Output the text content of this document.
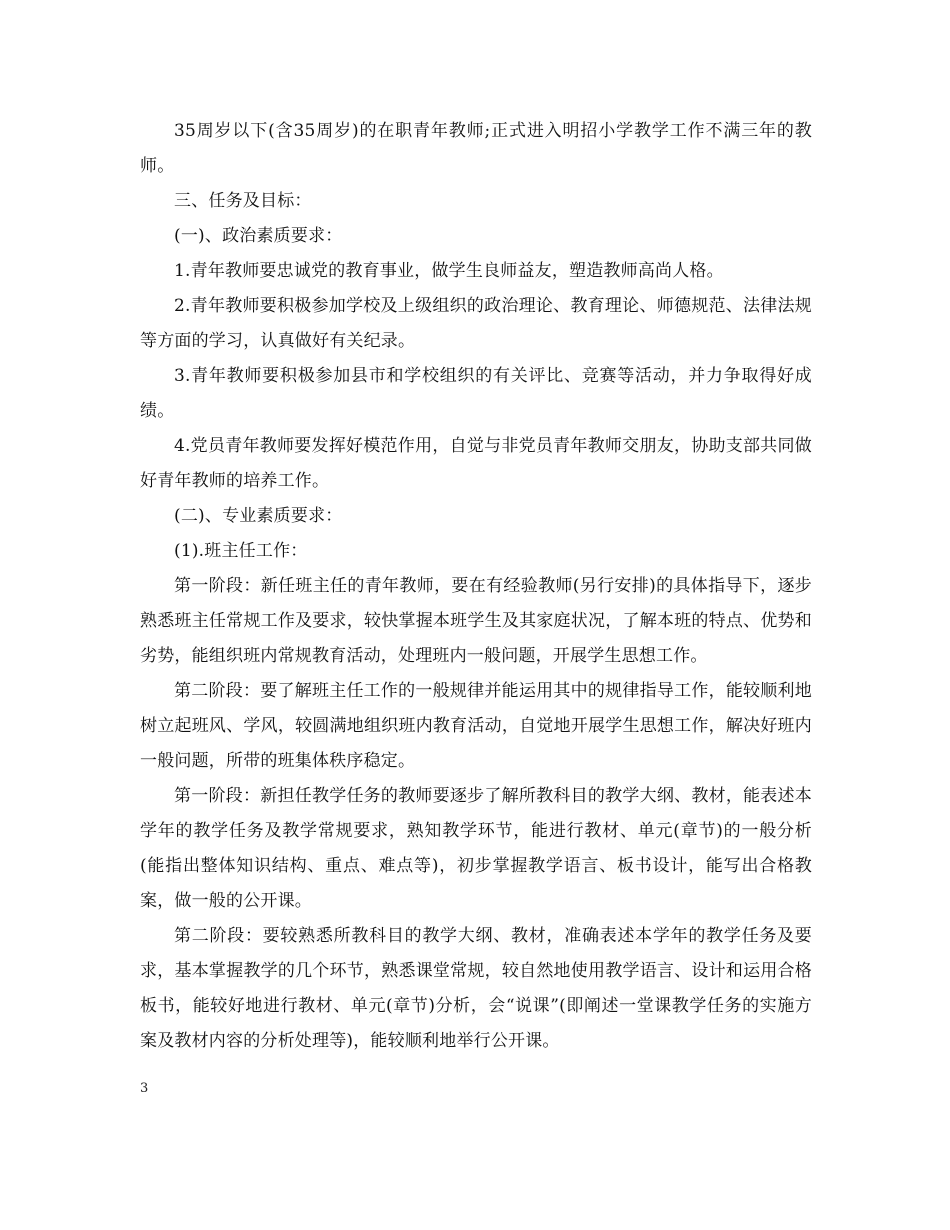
35周岁以下(含35周岁)的在职青年教师;正式进入明招小学教学工作不满三年的教师。

三、任务及目标：

(一)、政治素质要求：

1.青年教师要忠诚党的教育事业，做学生良师益友，塑造教师高尚人格。

2.青年教师要积极参加学校及上级组织的政治理论、教育理论、师德规范、法律法规等方面的学习，认真做好有关纪录。

3.青年教师要积极参加县市和学校组织的有关评比、竞赛等活动，并力争取得好成绩。

4.党员青年教师要发挥好模范作用，自觉与非党员青年教师交朋友，协助支部共同做好青年教师的培养工作。

(二)、专业素质要求：

(1).班主任工作：

第一阶段：新任班主任的青年教师，要在有经验教师(另行安排)的具体指导下，逐步熟悉班主任常规工作及要求，较快掌握本班学生及其家庭状况，了解本班的特点、优势和劣势，能组织班内常规教育活动，处理班内一般问题，开展学生思想工作。

第二阶段：要了解班主任工作的一般规律并能运用其中的规律指导工作，能较顺利地树立起班风、学风，较圆满地组织班内教育活动，自觉地开展学生思想工作，解决好班内一般问题，所带的班集体秩序稳定。

第一阶段：新担任教学任务的教师要逐步了解所教科目的教学大纲、教材，能表述本学年的教学任务及教学常规要求，熟知教学环节，能进行教材、单元(章节)的一般分析(能指出整体知识结构、重点、难点等)，初步掌握教学语言、板书设计，能写出合格教案，做一般的公开课。

第二阶段：要较熟悉所教科目的教学大纲、教材，准确表述本学年的教学任务及要求，基本掌握教学的几个环节，熟悉课堂常规，较自然地使用教学语言、设计和运用合格板书，能较好地进行教材、单元(章节)分析，会“说课”(即阐述一堂课教学任务的实施方案及教材内容的分析处理等)，能较顺利地举行公开课。

3
